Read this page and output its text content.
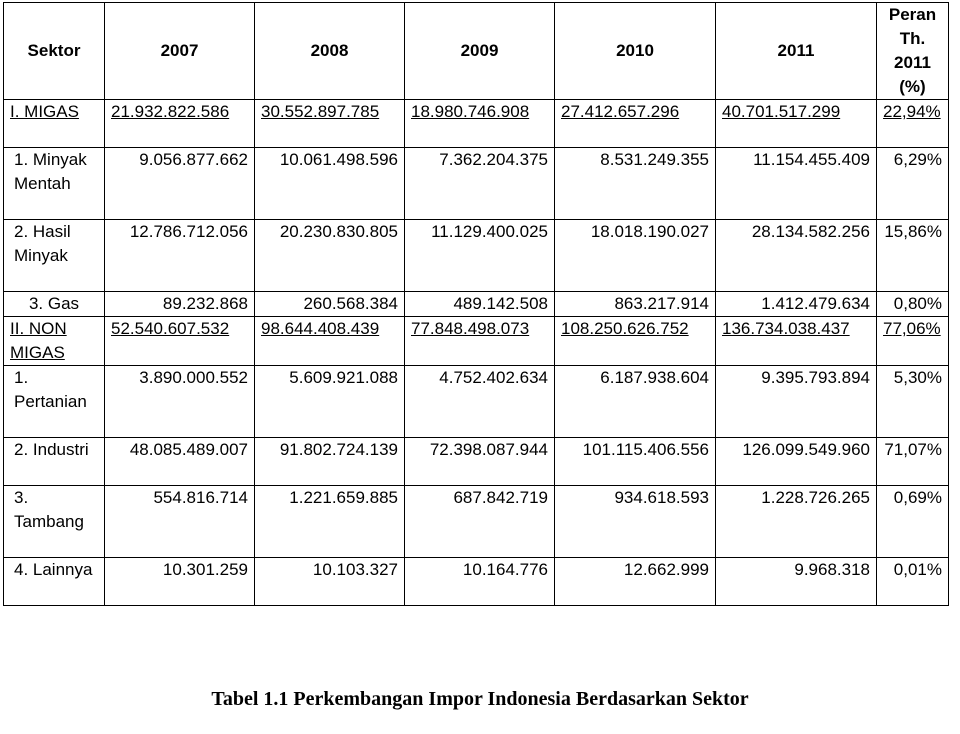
Sektor	2007	2008	2009	2010	2011	Peran Th. 2011 (%)
I. MIGAS	21.932.822.586	30.552.897.785	18.980.746.908	27.412.657.296	40.701.517.299	22,94%
1. Minyak Mentah	9.056.877.662	10.061.498.596	7.362.204.375	8.531.249.355	11.154.455.409	6,29%
2. Hasil Minyak	12.786.712.056	20.230.830.805	11.129.400.025	18.018.190.027	28.134.582.256	15,86%
3. Gas	89.232.868	260.568.384	489.142.508	863.217.914	1.412.479.634	0,80%
II. NON MIGAS	52.540.607.532	98.644.408.439	77.848.498.073	108.250.626.752	136.734.038.437	77,06%
1. Pertanian	3.890.000.552	5.609.921.088	4.752.402.634	6.187.938.604	9.395.793.894	5,30%
2. Industri	48.085.489.007	91.802.724.139	72.398.087.944	101.115.406.556	126.099.549.960	71,07%
3. Tambang	554.816.714	1.221.659.885	687.842.719	934.618.593	1.228.726.265	0,69%
4. Lainnya	10.301.259	10.103.327	10.164.776	12.662.999	9.968.318	0,01%
Tabel 1.1 Perkembangan Impor Indonesia Berdasarkan Sektor
